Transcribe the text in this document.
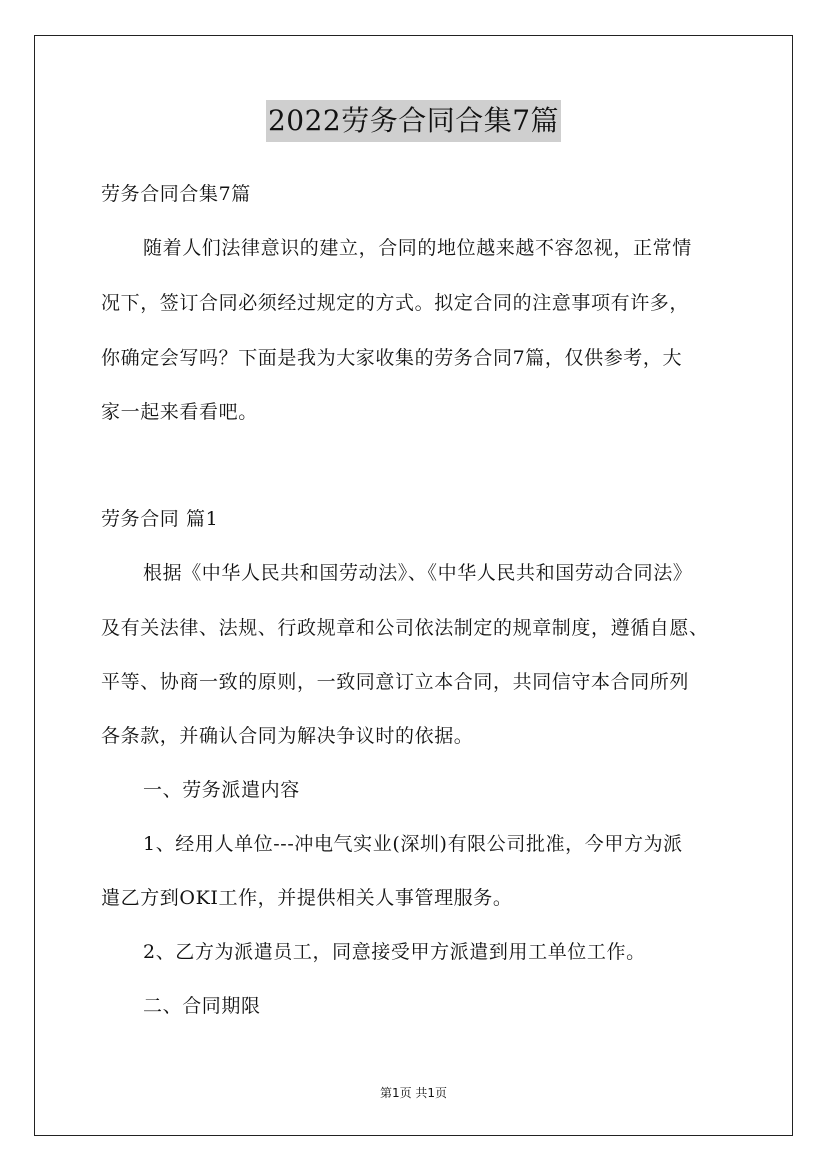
2022劳务合同合集7篇
劳务合同合集7篇
随着人们法律意识的建立，合同的地位越来越不容忽视，正常情
况下，签订合同必须经过规定的方式。拟定合同的注意事项有许多，
你确定会写吗？下面是我为大家收集的劳务合同7篇，仅供参考，大
家一起来看看吧。
劳务合同 篇1
根据《中华人民共和国劳动法》、《中华人民共和国劳动合同法》
及有关法律、法规、行政规章和公司依法制定的规章制度，遵循自愿、
平等、协商一致的原则，一致同意订立本合同，共同信守本合同所列
各条款，并确认合同为解决争议时的依据。
一、劳务派遣内容
1、经用人单位---冲电气实业(深圳)有限公司批准，今甲方为派
遣乙方到OKI工作，并提供相关人事管理服务。
2、乙方为派遣员工，同意接受甲方派遣到用工单位工作。
二、合同期限
第1页 共1页
